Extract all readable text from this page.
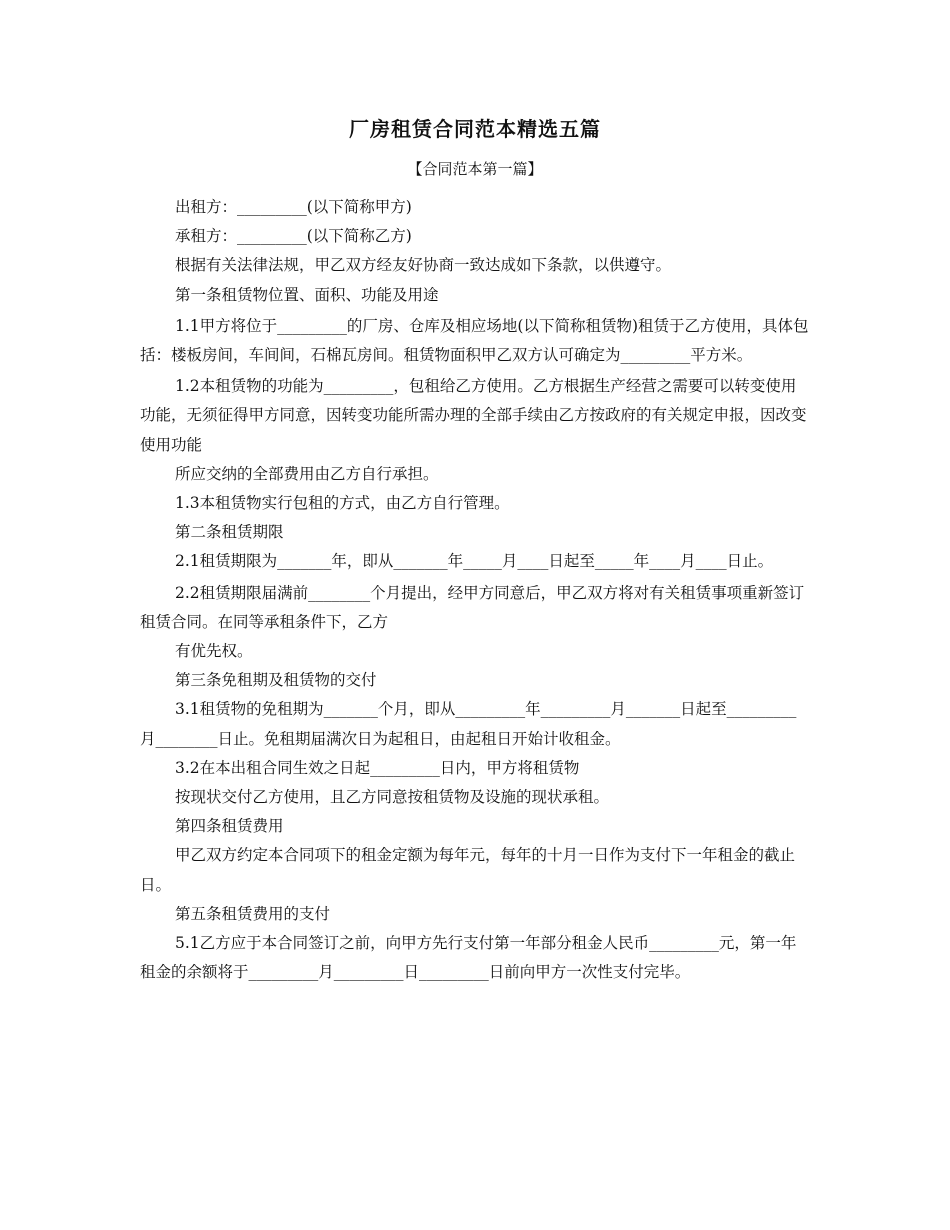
厂房租赁合同范本精选五篇
【合同范本第一篇】

出租方：_________(以下简称甲方)

承租方：_________(以下简称乙方)

根据有关法律法规，甲乙双方经友好协商一致达成如下条款，以供遵守。

第一条租赁物位置、面积、功能及用途

1.1甲方将位于_________的厂房、仓库及相应场地(以下简称租赁物)租赁于乙方使用，具体包括：楼板房间，车间间，石棉瓦房间。租赁物面积甲乙双方认可确定为_________平方米。

1.2本租赁物的功能为_________，包租给乙方使用。乙方根据生产经营之需要可以转变使用功能，无须征得甲方同意，因转变功能所需办理的全部手续由乙方按政府的有关规定申报，因改变使用功能

所应交纳的全部费用由乙方自行承担。

1.3本租赁物实行包租的方式，由乙方自行管理。

第二条租赁期限

2.1租赁期限为_______年，即从_______年_____月____日起至_____年____月____日止。

2.2租赁期限届满前________个月提出，经甲方同意后，甲乙双方将对有关租赁事项重新签订租赁合同。在同等承租条件下，乙方

有优先权。

第三条免租期及租赁物的交付

3.1租赁物的免租期为_______个月，即从_________年_________月_______日起至_________月________日止。免租期届满次日为起租日，由起租日开始计收租金。

3.2在本出租合同生效之日起_________日内，甲方将租赁物

按现状交付乙方使用，且乙方同意按租赁物及设施的现状承租。

第四条租赁费用

甲乙双方约定本合同项下的租金定额为每年元，每年的十月一日作为支付下一年租金的截止日。

第五条租赁费用的支付

5.1乙方应于本合同签订之前，向甲方先行支付第一年部分租金人民币_________元，第一年租金的余额将于_________月_________日_________日前向甲方一次性支付完毕。
